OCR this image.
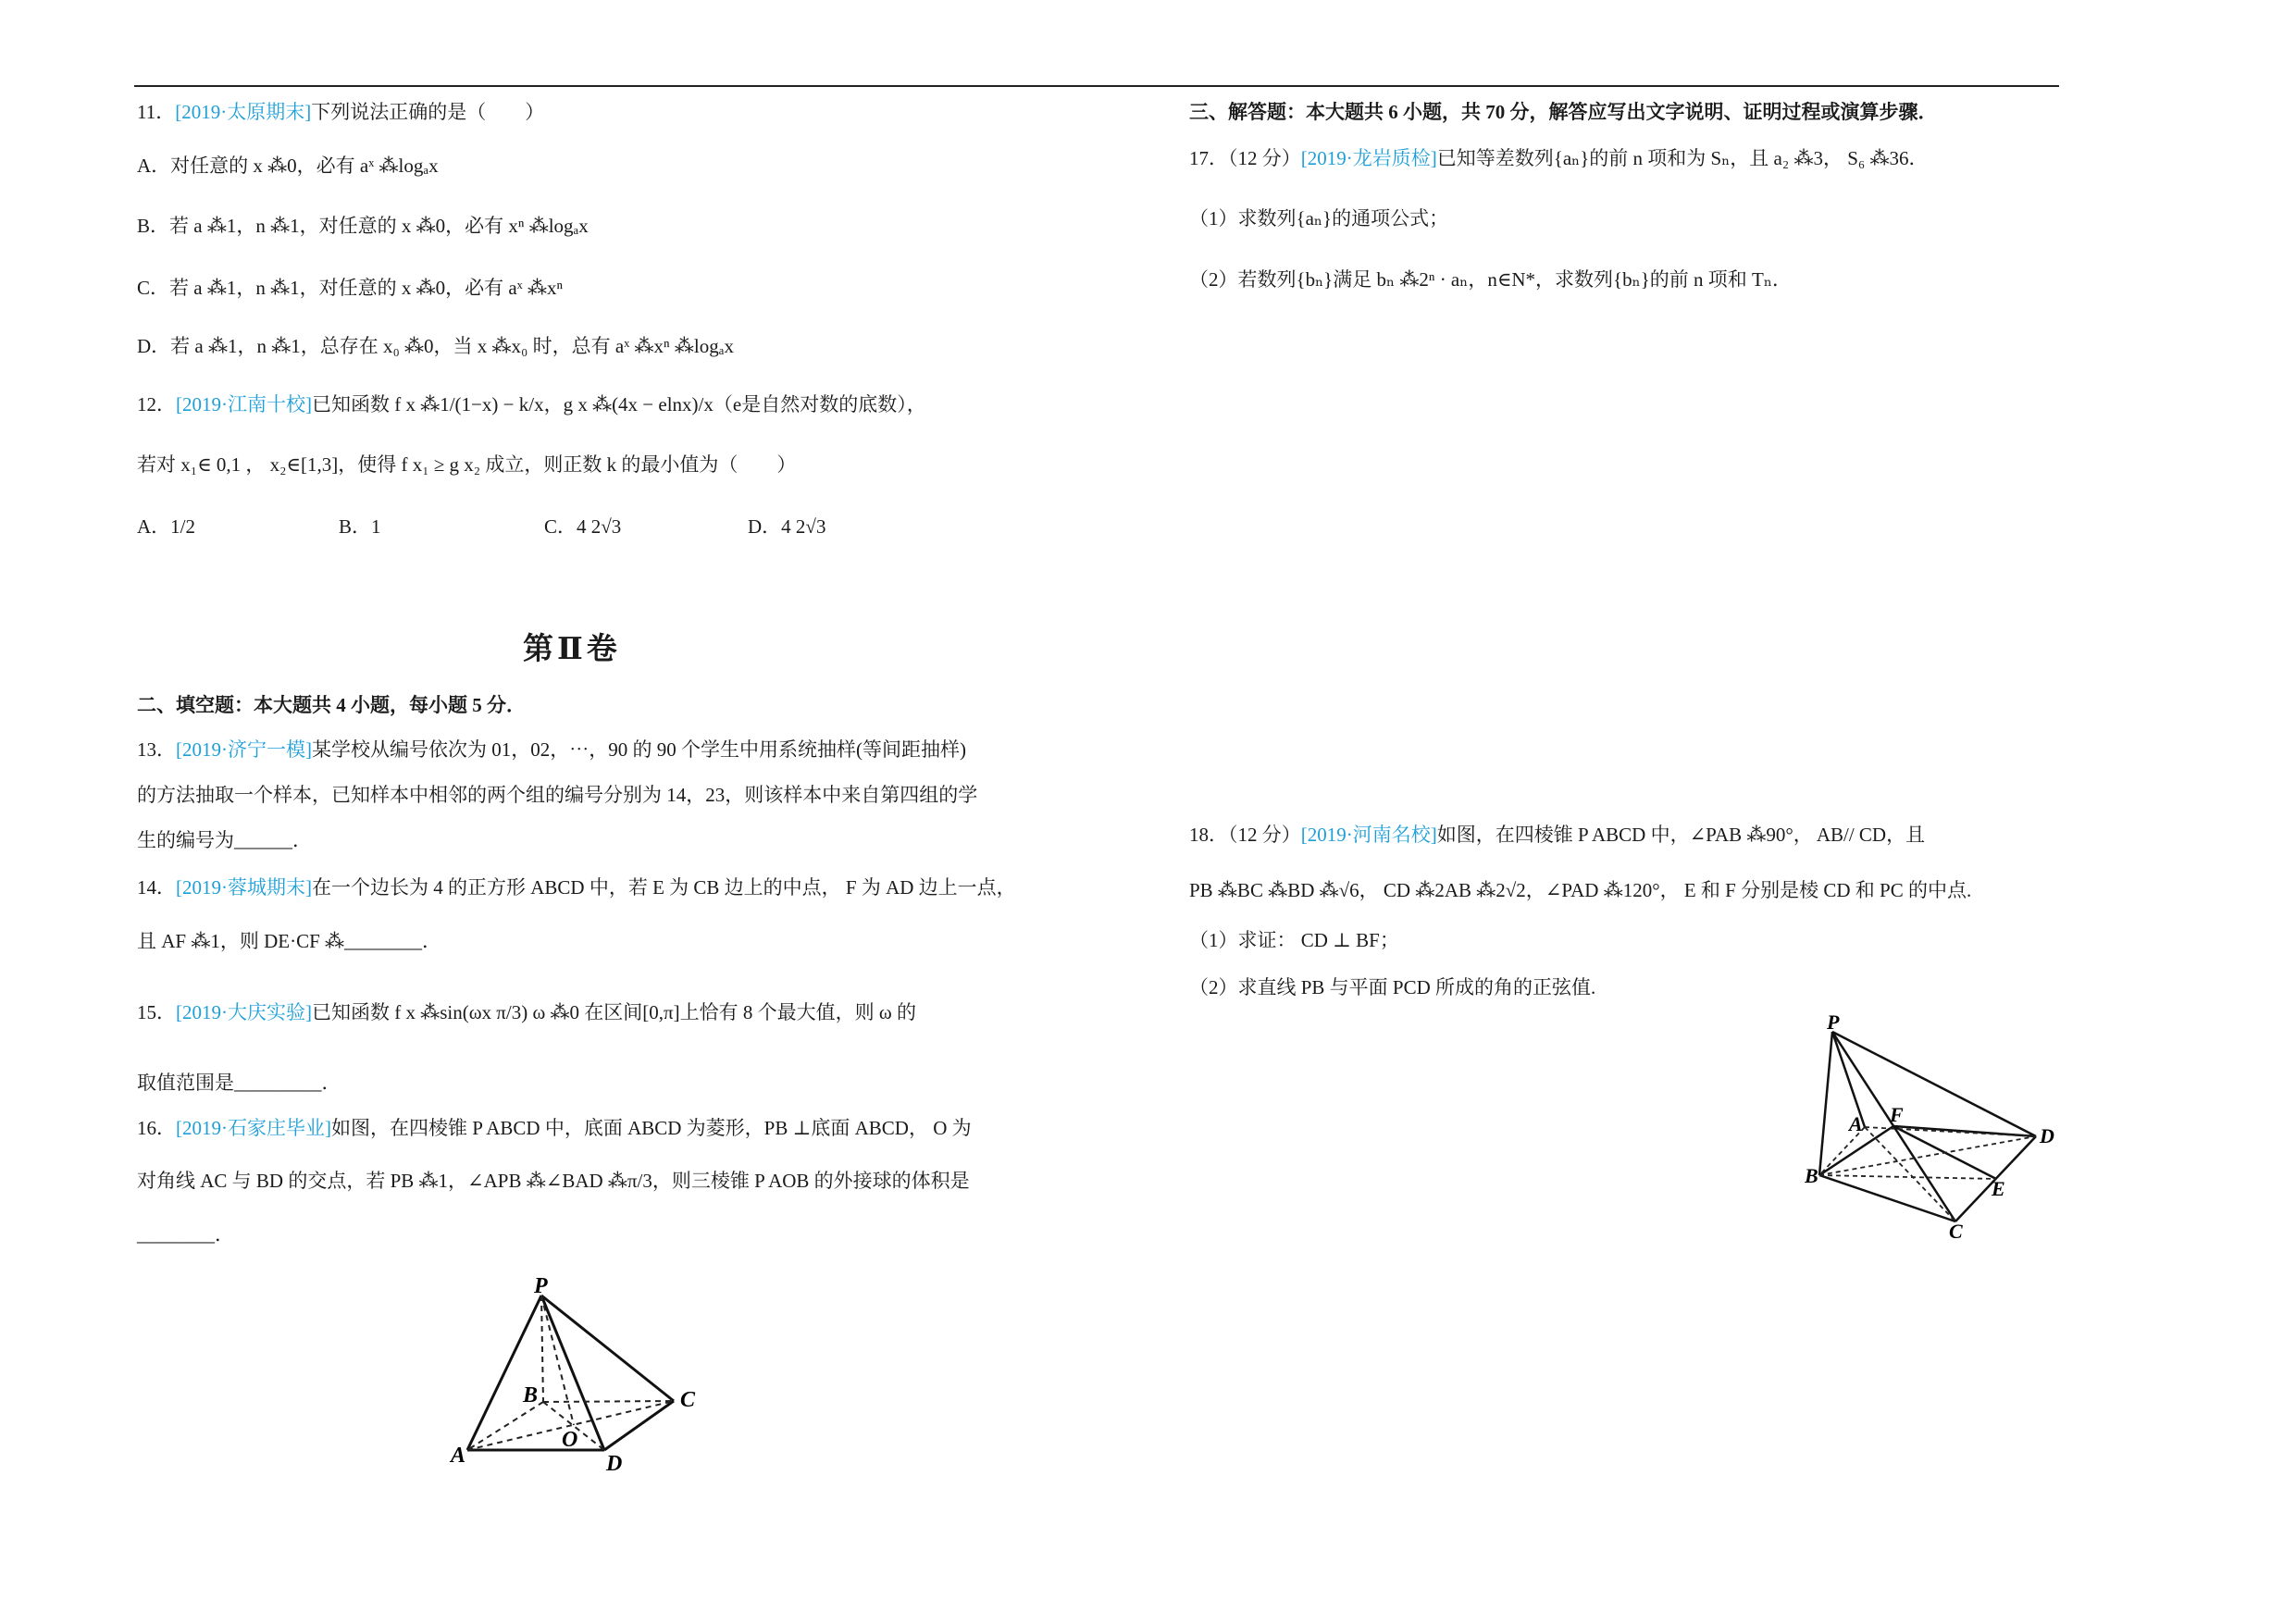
11．[2019·太原期末]下列说法正确的是（　　）
A．对任意的 x ⁂0，必有 aˣ ⁂logₐx
B．若 a ⁂1，n ⁂1，对任意的 x ⁂0，必有 xⁿ ⁂logₐx
C．若 a ⁂1，n ⁂1，对任意的 x ⁂0，必有 aˣ ⁂xⁿ
D．若 a ⁂1，n ⁂1，总存在 x₀ ⁂0，当 x ⁂x₀ 时，总有 aˣ ⁂xⁿ ⁂logₐx
12．[2019·江南十校]已知函数 f x ⁂1/(1−x) − k/x，g x ⁂(4x − elnx)/x（e是自然对数的底数），
若对 x₁∈ 0,1 ， x₂∈[1,3]，使得 f x₁ ≥ g x₂ 成立，则正数 k 的最小值为（　　）
A．1/2	B．1	C．4 2√3	D．4 2√3
第Ⅱ卷
二、填空题：本大题共 4 小题，每小题 5 分．
13．[2019·济宁一模]某学校从编号依次为 01，02，⋯，90 的 90 个学生中用系统抽样(等间距抽样)
的方法抽取一个样本，已知样本中相邻的两个组的编号分别为 14，23，则该样本中来自第四组的学
生的编号为______．
14．[2019·蓉城期末]在一个边长为 4 的正方形 ABCD 中，若 E 为 CB 边上的中点， F 为 AD 边上一点，
且 AF ⁂1，则 DE·CF ⁂________．
15．[2019·大庆实验]已知函数 f x ⁂sin(ωx π/3) ω ⁂0 在区间[0,π]上恰有 8 个最大值，则 ω 的
取值范围是_________．
16．[2019·石家庄毕业]如图，在四棱锥 P ABCD 中，底面 ABCD 为菱形，PB ⊥底面 ABCD， O 为
对角线 AC 与 BD 的交点，若 PB ⁂1，∠APB ⁂∠BAD ⁂π/3，则三棱锥 P AOB 的外接球的体积是
________．
P
B	C
A
O
D
三、解答题：本大题共 6 小题，共 70 分，解答应写出文字说明、证明过程或演算步骤．
17．（12 分）[2019·龙岩质检]已知等差数列{aₙ}的前 n 项和为 Sₙ，且 a₂ ⁂3， S₆ ⁂36．
（1）求数列{aₙ}的通项公式；
（2）若数列{bₙ}满足 bₙ ⁂2ⁿ · aₙ，n∈N*，求数列{bₙ}的前 n 项和 Tₙ．
18．（12 分）[2019·河南名校]如图，在四棱锥 P ABCD 中，∠PAB ⁂90°， AB// CD，且
PB ⁂BC ⁂BD ⁂√6， CD ⁂2AB ⁂2√2，∠PAD ⁂120°， E 和 F 分别是棱 CD 和 PC 的中点.
（1）求证： CD ⊥ BF；
（2）求直线 PB 与平面 PCD 所成的角的正弦值.
P
A F
D
B
E
C
